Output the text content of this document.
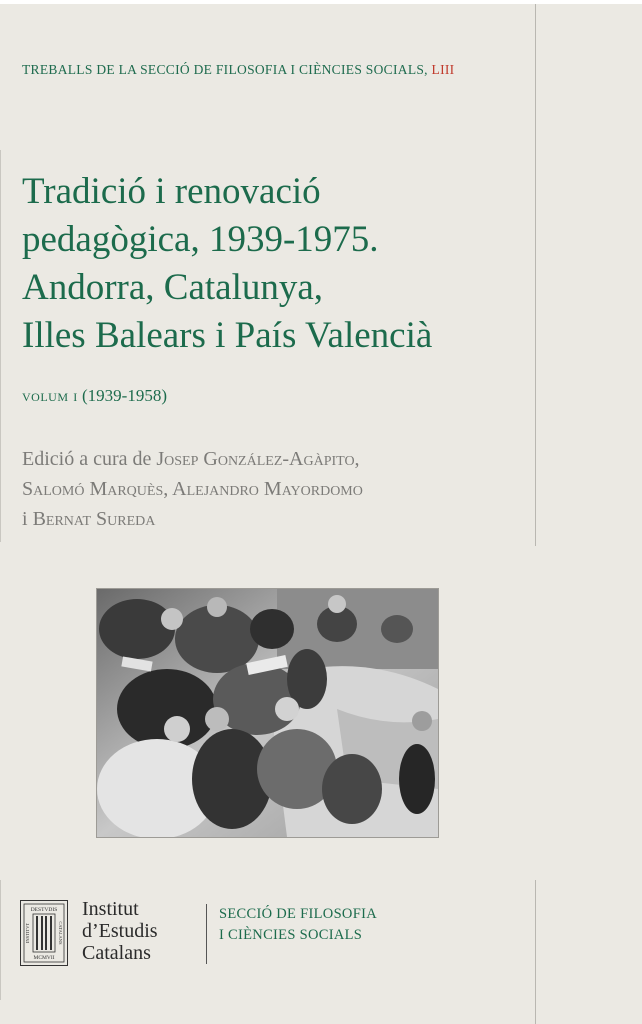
TREBALLS DE LA SECCIÓ DE FILOSOFIA I CIÈNCIES SOCIALS, LIII
Tradició i renovació
pedagògica, 1939-1975.
Andorra, Catalunya,
Illes Balears i País Valencià
volum i (1939-1958)
Edició a cura de Josep González-Agàpito,
Salomó Marquès, Alejandro Mayordomo
i Bernat Sureda
DESTVDIS
MCMVII
INSTITVT	CATALANS
Institut
d’Estudis
Catalans
SECCIÓ DE FILOSOFIA
I CIÈNCIES SOCIALS
